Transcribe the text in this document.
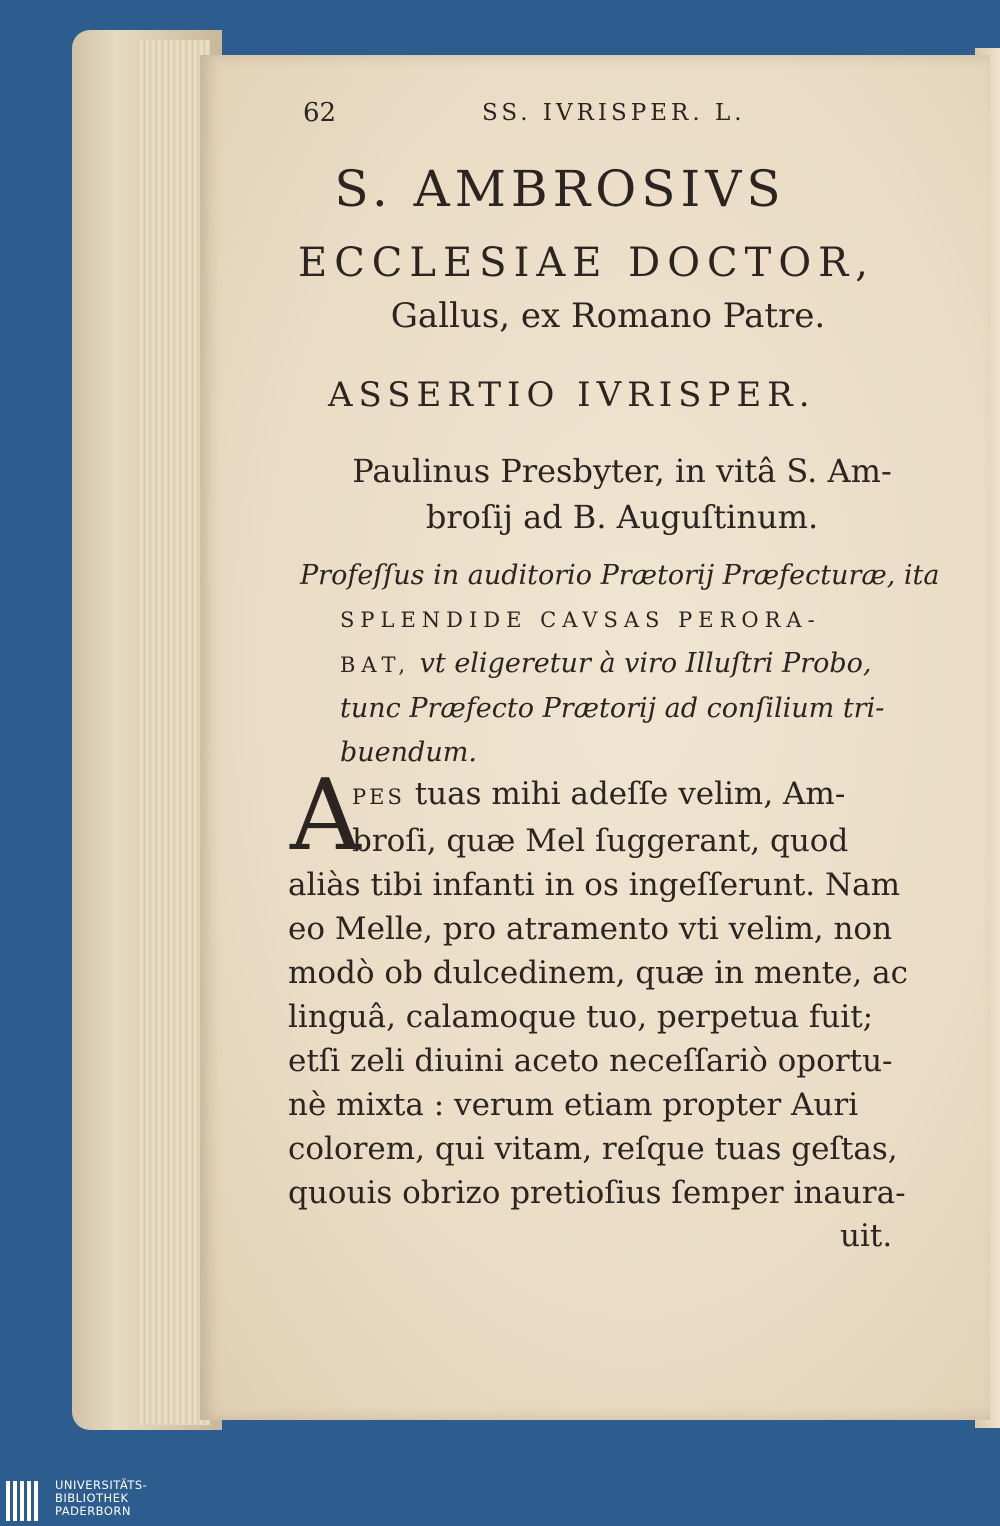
62	SS. IVRISPER. L.
S. AMBROSIVS
ECCLESIAE DOCTOR,
Gallus, ex Romano Patre.
ASSERTIO IVRISPER.
Paulinus Presbyter, in vitâ S. Am-
broſij ad B. Auguſtinum.
Profeſſus in auditorio Prætorij Præfecturæ, ita
SPLENDIDE CAVSAS PERORA-
BAT, vt eligeretur à viro Illuſtri Probo,
tunc Præfecto Prætorij ad conſilium tri-
buendum.
A
PES tuas mihi adeſſe velim, Am-
broſi, quæ Mel ſuggerant, quod
aliàs tibi infanti in os ingeſſerunt. Nam
eo Melle, pro atramento vti velim, non
modò ob dulcedinem, quæ in mente, ac
linguâ, calamoque tuo, perpetua fuit;
etſi zeli diuini aceto neceſſariò oportu-
nè mixta : verum etiam propter Auri
colorem, qui vitam, reſque tuas geſtas,
quouis obrizo pretioſius ſemper inaura-
uit.
UNIVERSITÄTS-
BIBLIOTHEK
PADERBORN
